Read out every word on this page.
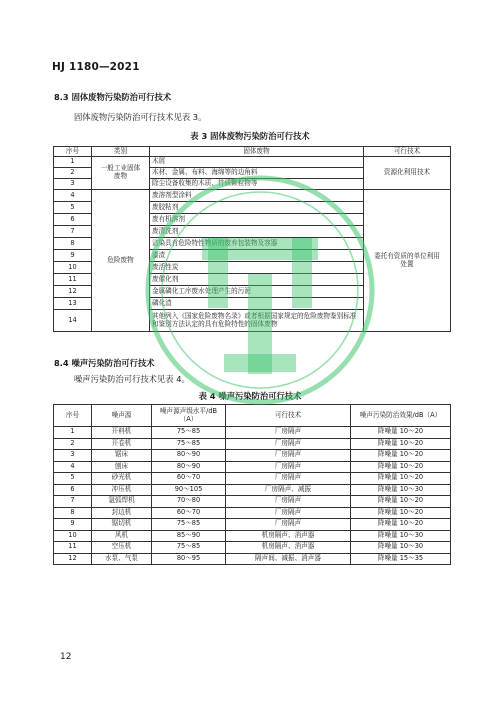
HJ 1180—2021
8.3 固体废物污染防治可行技术
固体废物污染防治可行技术见表 3。
表 3 固体废物污染防治可行技术
序号	类别	固体废物	可行技术
1	一般工业固体废物	木屑	资源化利用技术
2		木材、金属、布料、海绵等的边角料	
3		除尘设备收集的木质、竹质颗粒物等	
4	危险废物	废溶剂型涂料	委托有资质的单位利用处置
5		废胶粘剂	
6		废有机溶剂	
7		废清洗剂	
8		沾染具有危险特性物质的废弃包装物及容器	
9		漆渣	
10		废活性炭	
11		废催化剂	
12		金属磷化工序废水处理产生的污泥	
13		磷化渣	
14		其他列入《国家危险废物名录》或者根据国家规定的危险废物鉴别标准和鉴别方法认定的具有危险特性的固体废物	
8.4 噪声污染防治可行技术
噪声污染防治可行技术见表 4。
表 4 噪声污染防治可行技术
序号	噪声源	噪声源声级水平/dB（A）	可行技术	噪声污染防治效果/dB（A）
1	开料机	75～85	厂房隔声	降噪量 10～20
2	开卷机	75～85	厂房隔声	降噪量 10～20
3	锯床	80～90	厂房隔声	降噪量 10～20
4	刨床	80～90	厂房隔声	降噪量 10～20
5	砂光机	60～70	厂房隔声	降噪量 10～20
6	冲压机	90～105	厂房隔声、减振	降噪量 10～30
7	氩弧焊机	70～80	厂房隔声	降噪量 10～20
8	封边机	60～70	厂房隔声	降噪量 10～20
9	锯切机	75～85	厂房隔声	降噪量 10～20
10	风机	85～90	机房隔声、消声器	降噪量 10～30
11	空压机	75～85	机房隔声、消声器	降噪量 10～30
12	水泵、气泵	80～95	隔声间、减振、消声器	降噪量 15～35
12
